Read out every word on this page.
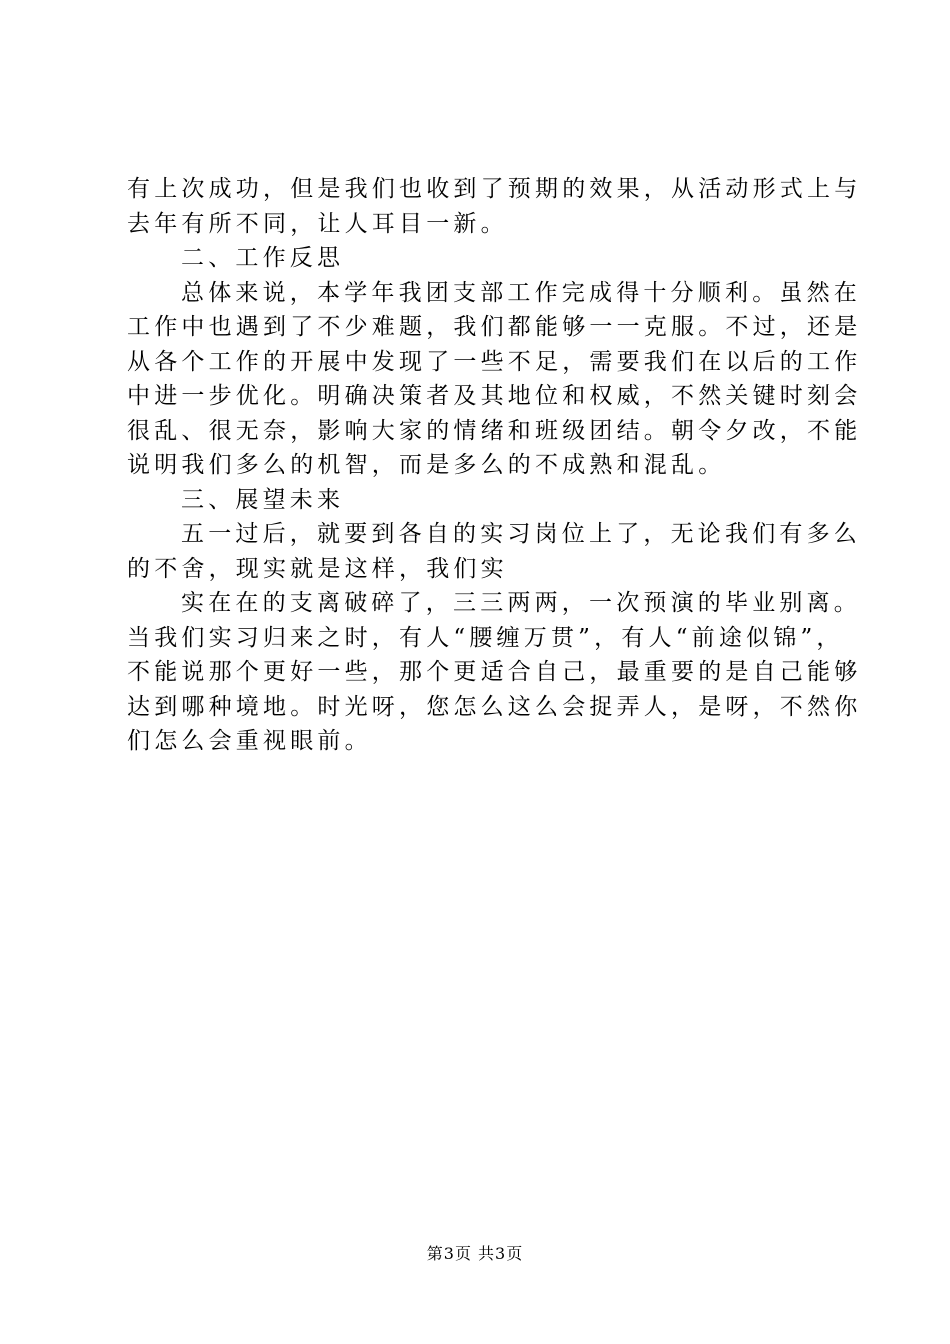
有上次成功，但是我们也收到了预期的效果，从活动形式上与
去年有所不同，让人耳目一新。
二、工作反思
总体来说，本学年我团支部工作完成得十分顺利。虽然在
工作中也遇到了不少难题，我们都能够一一克服。不过，还是
从各个工作的开展中发现了一些不足，需要我们在以后的工作
中进一步优化。明确决策者及其地位和权威，不然关键时刻会
很乱、很无奈，影响大家的情绪和班级团结。朝令夕改，不能
说明我们多么的机智，而是多么的不成熟和混乱。
三、展望未来
五一过后，就要到各自的实习岗位上了，无论我们有多么
的不舍，现实就是这样，我们实
实在在的支离破碎了，三三两两，一次预演的毕业别离。
当我们实习归来之时，有人“腰缠万贯”，有人“前途似锦”，
不能说那个更好一些，那个更适合自己，最重要的是自己能够
达到哪种境地。时光呀，您怎么这么会捉弄人，是呀，不然你
们怎么会重视眼前。
第3页 共3页
